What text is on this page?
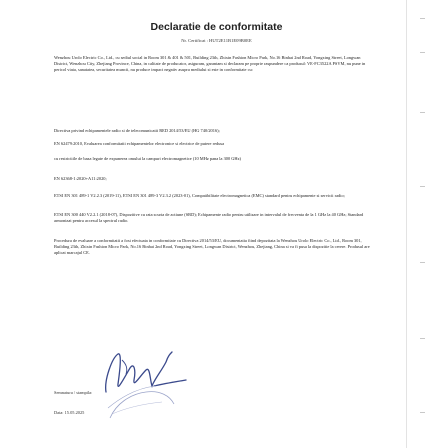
Declaratie de conformitate
Nr. Certificat : HUT2E11B1E09B0EE
Wenzhou Urolo Electric Co., Ltd., cu sediul social in Room 301 & 401 & 501, Building 23th, Zhixin Fashion Micro Park, No.16 Binhai 2nd Road, Yongxing Street, Longwan District, Wenzhou City, Zhejiang Province, China, in calitate de producator, asiguram, garantam si declaram pe proprie raspundere ca produsul: VE-FC3522A PSVM, nu pune in pericol viata, sanatatea, securitatea muncii, nu produce impact negativ asupra mediului si este in conformitate cu:
Directiva privind echipamentele radio si de telecomunicatii RED 2014/53/EU (HG 740/2016);
EN 62479:2010, Evaluarea conformitatii echipamentelor electronice si electrice de putere redusa
cu restrictiile de baza legate de expunerea omului la campuri electromagnetice (10 MHz pana la 300 GHz)
EN 62368-1:2020+A11:2020;
ETSI EN 301 489-1 V2.2.3 (2019-11), ETSI EN 301 489-3 V2.3.2 (2023-01), Compatibilitate electromagnetica (EMC) standard pentru echipamente si servicii radio;
ETSI EN 300 440 V2.2.1 (2018-07), Dispozitive cu rata scurta de actiune (SRD); Echipamente radio pentru utilizare in intervalul de frecventa de la 1 GHz la 40 GHz; Standard armonizat pentru accesul la spectrul radio.
Procedura de evaluare a conformitatii a fost efectuata in conformitate cu Directiva 2014/53/EU, documentatia fiind depozitata la Wenzhou Urolo Electric Co., Ltd., Room 301, Building 23th, Zhixin Fashion Micro Park, No.16 Binhai 2nd Road, Yongxing Street, Longwan District, Wenzhou, Zhejiang, China si va fi pusa la dispozitie la cerere. Produsul are aplicat marcajul CE.
Semnatura / stampila:
Data: 15.05.2025
